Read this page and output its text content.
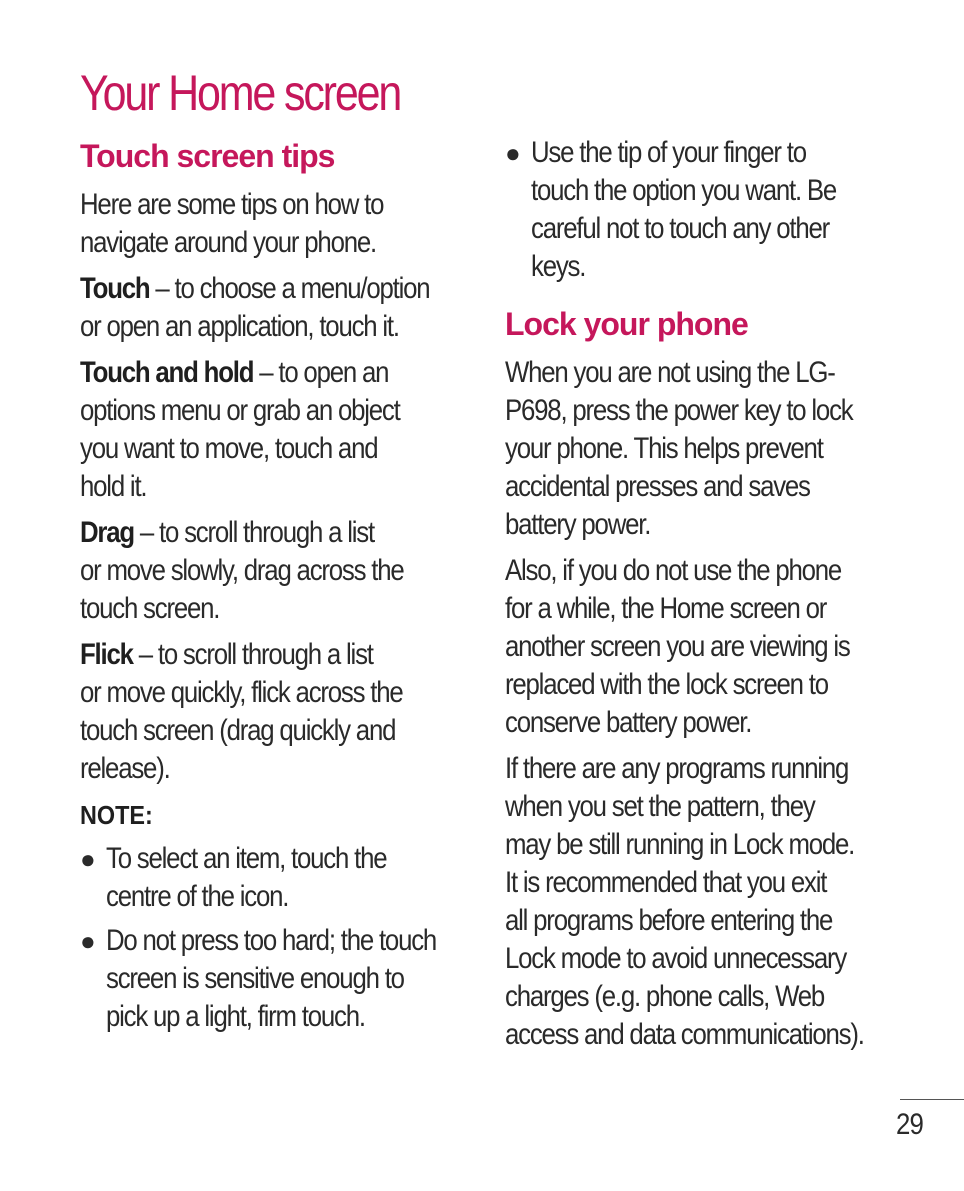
Your Home screen
Touch screen tips
Here are some tips on how to
navigate around your phone.
Touch – to choose a menu/option
or open an application, touch it.
Touch and hold – to open an
options menu or grab an object
you want to move, touch and
hold it.
Drag – to scroll through a list
or move slowly, drag across the
touch screen.
Flick – to scroll through a list
or move quickly, flick across the
touch screen (drag quickly and
release).
NOTE:
● To select an item, touch the
centre of the icon.
● Do not press too hard; the touch
screen is sensitive enough to
pick up a light, firm touch.
● Use the tip of your finger to
touch the option you want. Be
careful not to touch any other
keys.
Lock your phone
When you are not using the LG-
P698, press the power key to lock
your phone. This helps prevent
accidental presses and saves
battery power.
Also, if you do not use the phone
for a while, the Home screen or
another screen you are viewing is
replaced with the lock screen to
conserve battery power.
If there are any programs running
when you set the pattern, they
may be still running in Lock mode.
It is recommended that you exit
all programs before entering the
Lock mode to avoid unnecessary
charges (e.g. phone calls, Web
access and data communications).
29
